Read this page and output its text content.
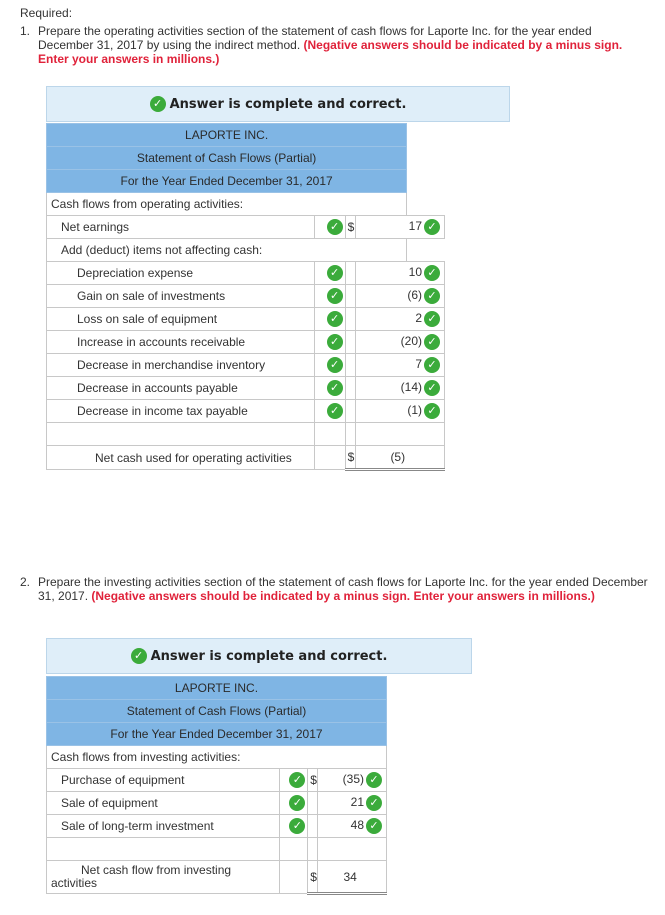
Required:
1. Prepare the operating activities section of the statement of cash flows for Laporte Inc. for the year ended December 31, 2017 by using the indirect method. (Negative answers should be indicated by a minus sign. Enter your answers in millions.)
✓ Answer is complete and correct.
LAPORTE INC.				
Statement of Cash Flows (Partial)				
For the Year Ended December 31, 2017				
Cash flows from operating activities:				
Net earnings	✓	$	17 ✓	
Add (deduct) items not affecting cash:				
Depreciation expense	✓		10 ✓	
Gain on sale of investments	✓		(6) ✓	
Loss on sale of equipment	✓		2 ✓	
Increase in accounts receivable	✓		(20) ✓	
Decrease in merchandise inventory	✓		7 ✓	
Decrease in accounts payable	✓		(14) ✓	
Decrease in income tax payable	✓		(1) ✓	

Net cash used for operating activities		$	(5)	
2. Prepare the investing activities section of the statement of cash flows for Laporte Inc. for the year ended December 31, 2017. (Negative answers should be indicated by a minus sign. Enter your answers in millions.)
✓ Answer is complete and correct.
LAPORTE INC.			
Statement of Cash Flows (Partial)			
For the Year Ended December 31, 2017			
Cash flows from investing activities:			
Purchase of equipment	✓	$	(35) ✓
Sale of equipment	✓		21 ✓
Sale of long-term investment	✓		48 ✓

Net cash flow from investing
activities		$	34
